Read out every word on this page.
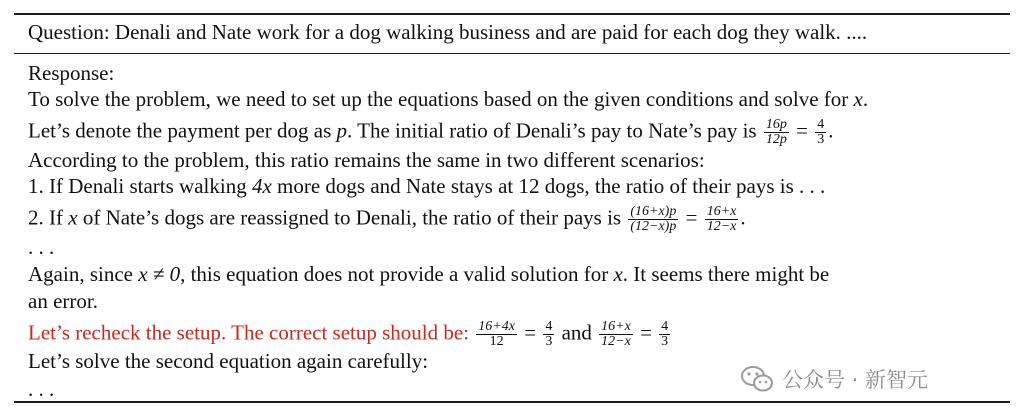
Question: Denali and Nate work for a dog walking business and are paid for each dog they walk. ....
Response:
To solve the problem, we need to set up the equations based on the given conditions and solve for x.
Let’s denote the payment per dog as p. The initial ratio of Denali’s pay to Nate’s pay is $\frac{16p}{12p} = \frac{4}{3}$ .
According to the problem, this ratio remains the same in two different scenarios:
1. If Denali starts walking 4x more dogs and Nate stays at 12 dogs, the ratio of their pays is . . .
2. If x of Nate’s dogs are reassigned to Denali, the ratio of their pays is $\frac{(16+x)p}{(12-x)p} = \frac{16+x}{12-x}$ .
. . .
Again, since x ≠ 0, this equation does not provide a valid solution for x. It seems there might be
an error.
Let’s recheck the setup. The correct setup should be: $\frac{16+4x}{12} = \frac{4}{3}$ and $\frac{16+x}{12-x} = \frac{4}{3}$
Let’s solve the second equation again carefully:
. . .	公众号 · 新智元
